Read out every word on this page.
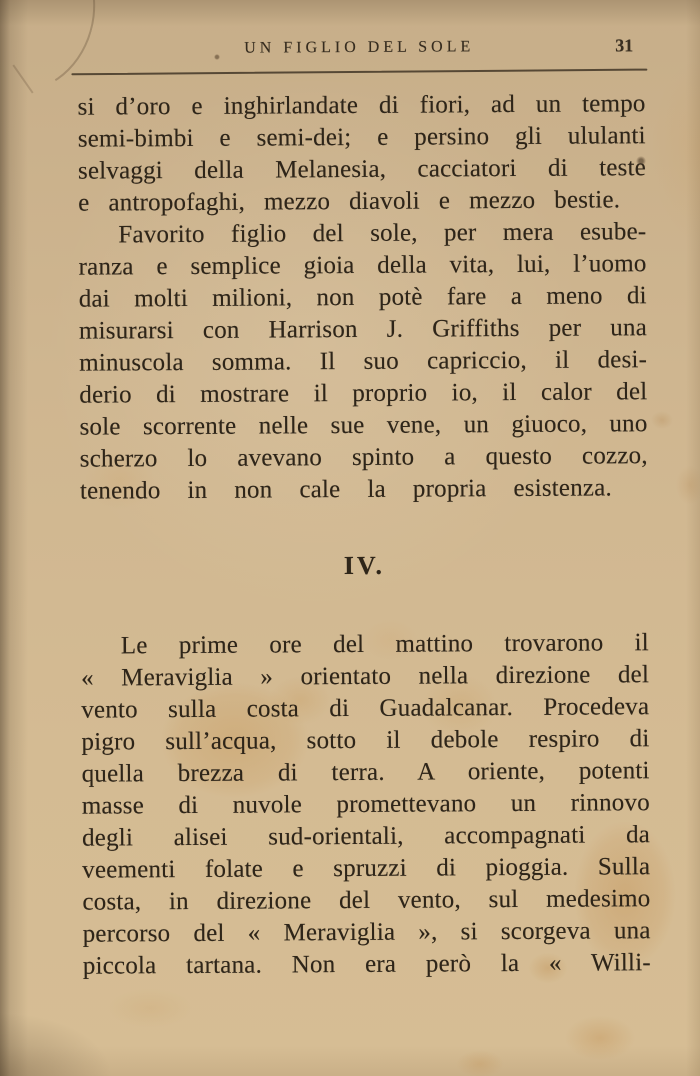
UN FIGLIO DEL SOLE	31
si d’oro e inghirlandate di fiori, ad un tempo
semi-bimbi e semi-dei; e persino gli ululanti
selvaggi della Melanesia, cacciatori di teste
e antropofaghi, mezzo diavoli e mezzo bestie.
Favorito figlio del sole, per mera esube-
ranza e semplice gioia della vita, lui, l’uomo
dai molti milioni, non potè fare a meno di
misurarsi con Harrison J. Griffiths per una
minuscola somma. Il suo capriccio, il desi-
derio di mostrare il proprio io, il calor del
sole scorrente nelle sue vene, un giuoco, uno
scherzo lo avevano spinto a questo cozzo,
tenendo in non cale la propria esistenza.
IV.
Le prime ore del mattino trovarono il
« Meraviglia » orientato nella direzione del
vento sulla costa di Guadalcanar. Procedeva
pigro sull’acqua, sotto il debole respiro di
quella brezza di terra. A oriente, potenti
masse di nuvole promettevano un rinnovo
degli alisei sud-orientali, accompagnati da
veementi folate e spruzzi di pioggia. Sulla
costa, in direzione del vento, sul medesimo
percorso del « Meraviglia », si scorgeva una
piccola tartana. Non era però la « Willi-
